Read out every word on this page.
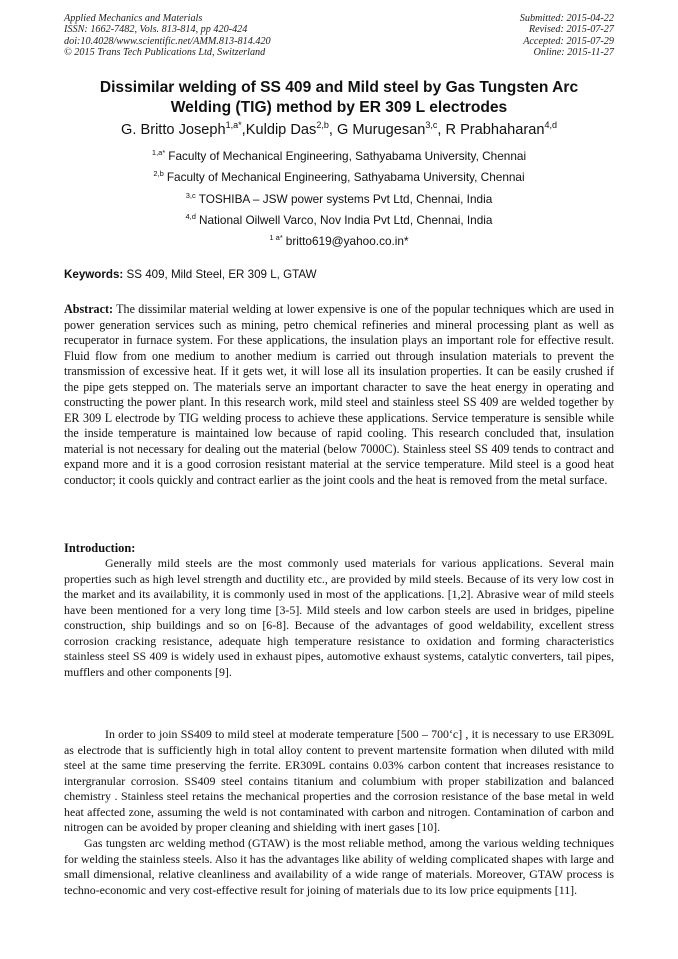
Applied Mechanics and Materials
ISSN: 1662-7482, Vols. 813-814, pp 420-424
doi:10.4028/www.scientific.net/AMM.813-814.420
© 2015 Trans Tech Publications Ltd, Switzerland
Submitted: 2015-04-22
Revised: 2015-07-27
Accepted: 2015-07-29
Online: 2015-11-27
Dissimilar welding of SS 409 and Mild steel by Gas Tungsten Arc
Welding (TIG) method by ER 309 L electrodes
G. Britto Joseph$^{1,a*}$,Kuldip Das$^{2,b}$, G Murugesan$^{3,c}$, R Prabhaharan$^{4,d}$
$^{1,a*}$ Faculty of Mechanical Engineering, Sathyabama University, Chennai
$^{2,b}$ Faculty of Mechanical Engineering, Sathyabama University, Chennai
$^{3,c}$ TOSHIBA – JSW power systems Pvt Ltd, Chennai, India
$^{4,d}$ National Oilwell Varco, Nov India Pvt Ltd, Chennai, India
$^{1 a*}$ britto619@yahoo.co.in*
Keywords: SS 409, Mild Steel, ER 309 L, GTAW
Abstract: The dissimilar material welding at lower expensive is one of the popular techniques which are used in power generation services such as mining, petro chemical refineries and mineral processing plant as well as recuperator in furnace system. For these applications, the insulation plays an important role for effective result. Fluid flow from one medium to another medium is carried out through insulation materials to prevent the transmission of excessive heat. If it gets wet, it will lose all its insulation properties. It can be easily crushed if the pipe gets stepped on. The materials serve an important character to save the heat energy in operating and constructing the power plant. In this research work, mild steel and stainless steel SS 409 are welded together by ER 309 L electrode by TIG welding process to achieve these applications. Service temperature is sensible while the inside temperature is maintained low because of rapid cooling. This research concluded that, insulation material is not necessary for dealing out the material (below 7000C). Stainless steel SS 409 tends to contract and expand more and it is a good corrosion resistant material at the service temperature. Mild steel is a good heat conductor; it cools quickly and contract earlier as the joint cools and the heat is removed from the metal surface.
Introduction:
Generally mild steels are the most commonly used materials for various applications. Several main properties such as high level strength and ductility etc., are provided by mild steels. Because of its very low cost in the market and its availability, it is commonly used in most of the applications. [1,2]. Abrasive wear of mild steels have been mentioned for a very long time [3-5]. Mild steels and low carbon steels are used in bridges, pipeline construction, ship buildings and so on [6-8]. Because of the advantages of good weldability, excellent stress corrosion cracking resistance, adequate high temperature resistance to oxidation and forming characteristics stainless steel SS 409 is widely used in exhaust pipes, automotive exhaust systems, catalytic converters, tail pipes, mufflers and other components [9].
In order to join SS409 to mild steel at moderate temperature [500 – 700‘c] , it is necessary to use ER309L as electrode that is sufficiently high in total alloy content to prevent martensite formation when diluted with mild steel at the same time preserving the ferrite. ER309L contains 0.03% carbon content that increases resistance to intergranular corrosion. SS409 steel contains titanium and columbium with proper stabilization and balanced chemistry . Stainless steel retains the mechanical properties and the corrosion resistance of the base metal in weld heat affected zone, assuming the weld is not contaminated with carbon and nitrogen. Contamination of carbon and nitrogen can be avoided by proper cleaning and shielding with inert gases [10].
Gas tungsten arc welding method (GTAW) is the most reliable method, among the various welding techniques for welding the stainless steels. Also it has the advantages like ability of welding complicated shapes with large and small dimensional, relative cleanliness and availability of a wide range of materials. Moreover, GTAW process is techno-economic and very cost-effective result for joining of materials due to its low price equipments [11].
